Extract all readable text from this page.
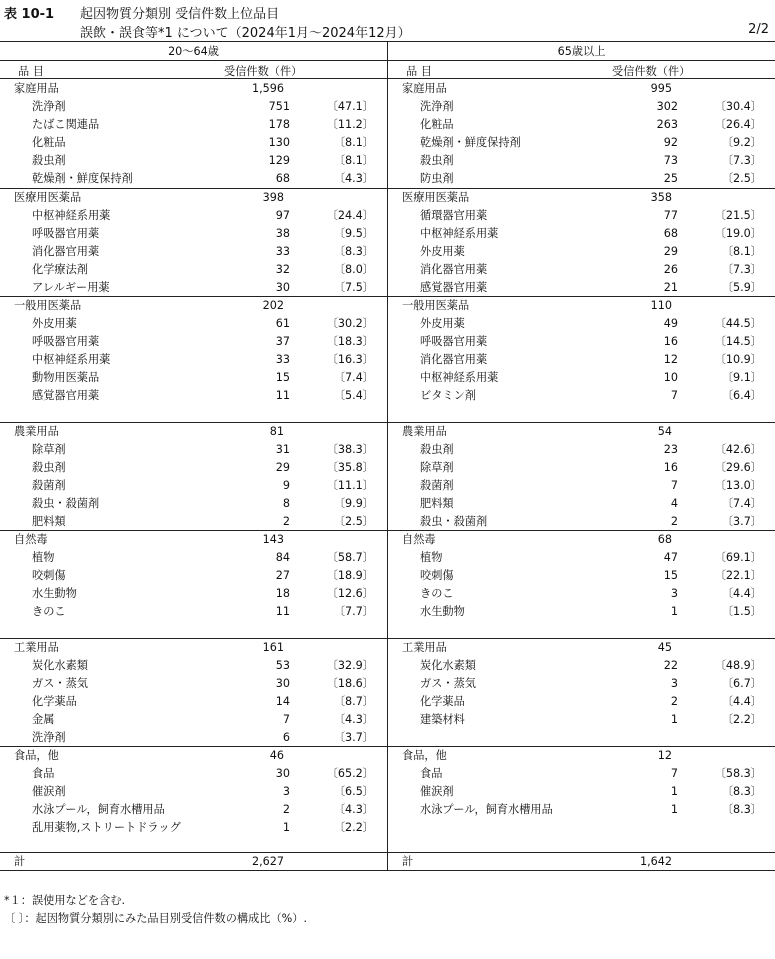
表 10-1 起因物質分類別 受信件数上位品目
誤飲・誤食等*1 について（2024年1月～2024年12月）	2/2
20～64歳	65歳以上
品 目	受信件数（件）	品 目	受信件数（件）
家庭用品	1,596
洗浄剤	751	〔47.1〕
たばこ関連品	178	〔11.2〕
化粧品	130	〔8.1〕
殺虫剤	129	〔8.1〕
乾燥剤・鮮度保持剤	68	〔4.3〕
医療用医薬品	398
中枢神経系用薬	97	〔24.4〕
呼吸器官用薬	38	〔9.5〕
消化器官用薬	33	〔8.3〕
化学療法剤	32	〔8.0〕
アレルギー用薬	30	〔7.5〕
一般用医薬品	202
外皮用薬	61	〔30.2〕
呼吸器官用薬	37	〔18.3〕
中枢神経系用薬	33	〔16.3〕
動物用医薬品	15	〔7.4〕
感覚器官用薬	11	〔5.4〕
農業用品	81
除草剤	31	〔38.3〕
殺虫剤	29	〔35.8〕
殺菌剤	9	〔11.1〕
殺虫・殺菌剤	8	〔9.9〕
肥料類	2	〔2.5〕
自然毒	143
植物	84	〔58.7〕
咬刺傷	27	〔18.9〕
水生動物	18	〔12.6〕
きのこ	11	〔7.7〕
工業用品	161
炭化水素類	53	〔32.9〕
ガス・蒸気	30	〔18.6〕
化学薬品	14	〔8.7〕
金属	7	〔4.3〕
洗浄剤	6	〔3.7〕
食品，他	46
食品	30	〔65.2〕
催涙剤	3	〔6.5〕
水泳プール，飼育水槽用品	2	〔4.3〕
乱用薬物,ストリートドラッグ	1	〔2.2〕
家庭用品	995
洗浄剤	302	〔30.4〕
化粧品	263	〔26.4〕
乾燥剤・鮮度保持剤	92	〔9.2〕
殺虫剤	73	〔7.3〕
防虫剤	25	〔2.5〕
医療用医薬品	358
循環器官用薬	77	〔21.5〕
中枢神経系用薬	68	〔19.0〕
外皮用薬	29	〔8.1〕
消化器官用薬	26	〔7.3〕
感覚器官用薬	21	〔5.9〕
一般用医薬品	110
外皮用薬	49	〔44.5〕
呼吸器官用薬	16	〔14.5〕
消化器官用薬	12	〔10.9〕
中枢神経系用薬	10	〔9.1〕
ビタミン剤	7	〔6.4〕
農業用品	54
殺虫剤	23	〔42.6〕
除草剤	16	〔29.6〕
殺菌剤	7	〔13.0〕
肥料類	4	〔7.4〕
殺虫・殺菌剤	2	〔3.7〕
自然毒	68
植物	47	〔69.1〕
咬刺傷	15	〔22.1〕
きのこ	3	〔4.4〕
水生動物	1	〔1.5〕
工業用品	45
炭化水素類	22	〔48.9〕
ガス・蒸気	3	〔6.7〕
化学薬品	2	〔4.4〕
建築材料	1	〔2.2〕
食品，他	12
食品	7	〔58.3〕
催涙剤	1	〔8.3〕
水泳プール，飼育水槽用品	1	〔8.3〕
計	2,627	計	1,642
*１：誤使用などを含む.
〔 〕：起因物質分類別にみた品目別受信件数の構成比（%）.
